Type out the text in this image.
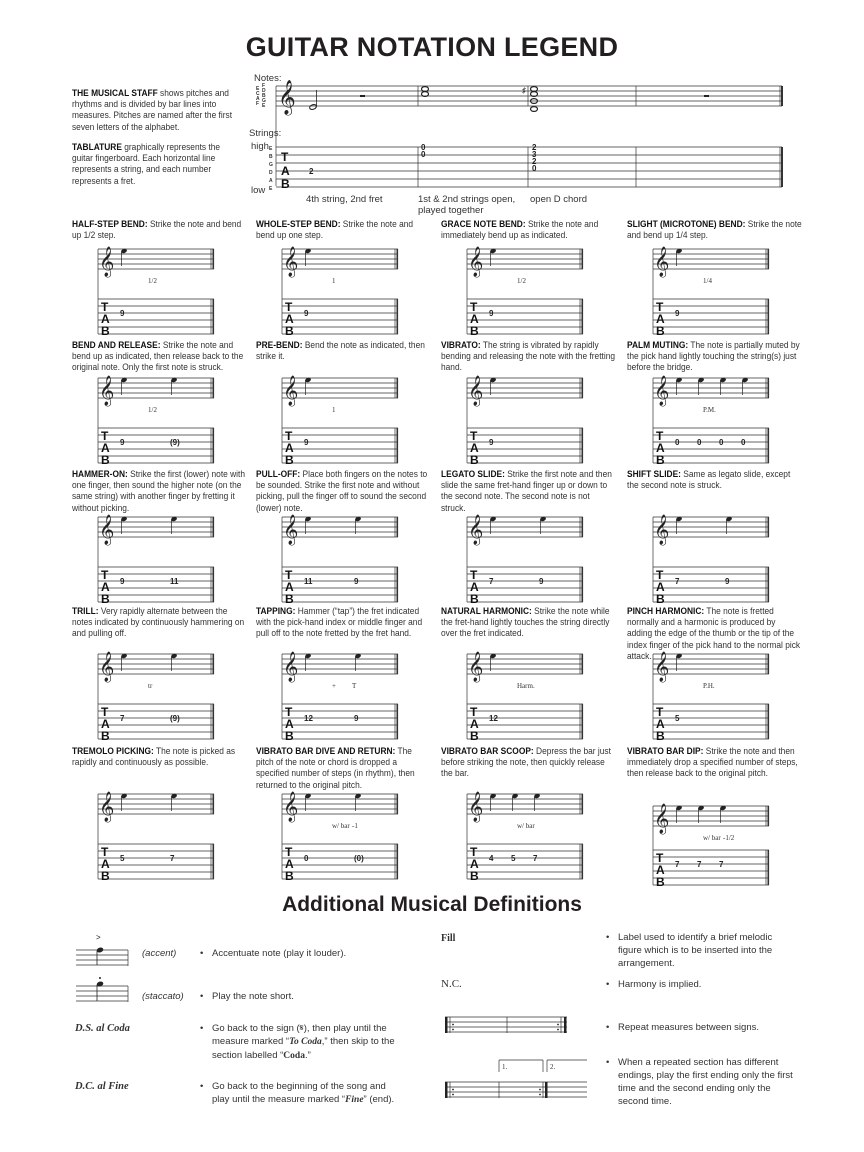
GUITAR NOTATION LEGEND
THE MUSICAL STAFF shows pitches and rhythms and is divided by bar lines into measures. Pitches are named after the first seven letters of the alphabet.
TABLATURE graphically represents the guitar fingerboard. Each horizontal line represents a string, and each number represents a fret.
Notes:
Strings:
high
low
4th string, 2nd fret	1st & 2nd strings open, played together
open D chord
E
C
A
F
F
D
B
G
E
E
B
G
D
A
E
𝄞	♯
T
A
B
2
0
0
2
3
2
0
HALF-STEP BEND: Strike the note and bend up 1/2 step.
𝄞
T
A
B
9
1/2
WHOLE-STEP BEND: Strike the note and bend up one step.
𝄞
T
A
B
9
1
GRACE NOTE BEND: Strike the note and immediately bend up as indicated.
𝄞
T
A
B
9
1/2
SLIGHT (MICROTONE) BEND: Strike the note and bend up 1/4 step.
𝄞
T
A
B
9
1/4
BEND AND RELEASE: Strike the note and bend up as indicated, then release back to the original note. Only the first note is struck.
𝄞
T
A
B
9	(9)
1/2
PRE-BEND: Bend the note as indicated, then strike it.
𝄞
T
A
B
9
1
VIBRATO: The string is vibrated by rapidly bending and releasing the note with the fretting hand.
𝄞
T
A
B
9
PALM MUTING: The note is partially muted by the pick hand lightly touching the string(s) just before the bridge.
𝄞
T
A
B
0 0 0 0
P.M.
HAMMER-ON: Strike the first (lower) note with one finger, then sound the higher note (on the same string) with another finger by fretting it without picking.
𝄞
T
A
B
9	11
PULL-OFF: Place both fingers on the notes to be sounded. Strike the first note and without picking, pull the finger off to sound the second (lower) note.
𝄞
T
A
B
11	9
LEGATO SLIDE: Strike the first note and then slide the same fret-hand finger up or down to the second note. The second note is not struck.
𝄞
T
A
B
7	9
SHIFT SLIDE: Same as legato slide, except the second note is struck.
𝄞
T
A
B
7	9
TRILL: Very rapidly alternate between the notes indicated by continuously hammering on and pulling off.
𝄞
T
A
B
7	(9)
tr
TAPPING: Hammer (“tap”) the fret indicated with the pick-hand index or middle finger and pull off to the note fretted by the fret hand.
𝄞
T
A
B
12	9
+ T
NATURAL HARMONIC: Strike the note while the fret-hand lightly touches the string directly over the fret indicated.
𝄞
T
A
B
12
Harm.
PINCH HARMONIC: The note is fretted normally and a harmonic is produced by adding the edge of the thumb or the tip of the index finger of the pick hand to the normal pick attack. 𝄞
T
A
B
5
P.H.
TREMOLO PICKING: The note is picked as rapidly and continuously as possible.
𝄞
T
A
B
5	7
VIBRATO BAR DIVE AND RETURN: The pitch of the note or chord is dropped a specified number of steps (in rhythm), then returned to the original pitch.
𝄞
T
A
B
0	(0)
w/ bar -1
VIBRATO BAR SCOOP: Depress the bar just before striking the note, then quickly release the bar.
𝄞
T
A
B
4 5 7
w/ bar
VIBRATO BAR DIP: Strike the note and then immediately drop a specified number of steps, then release back to the original pitch.
𝄞
T
A
B
7 7 7
w/ bar -1/2
Additional Musical Definitions
>
(accent) • Accentuate note (play it louder).
(staccato) • Play the note short.
D.S. al Coda	• Go back to the sign (𝄋), then play until the measure marked “To Coda,” then skip to the section labelled “Coda.”
D.C. al Fine	• Go back to the beginning of the song and play until the measure marked “Fine” (end).
Fill	• Label used to identify a brief melodic figure which is to be inserted into the arrangement.
N.C.	• Harmony is implied.
• Repeat measures between signs.
1.	2.	• When a repeated section has different endings, play the first ending only the first time and the second ending only the second time.
